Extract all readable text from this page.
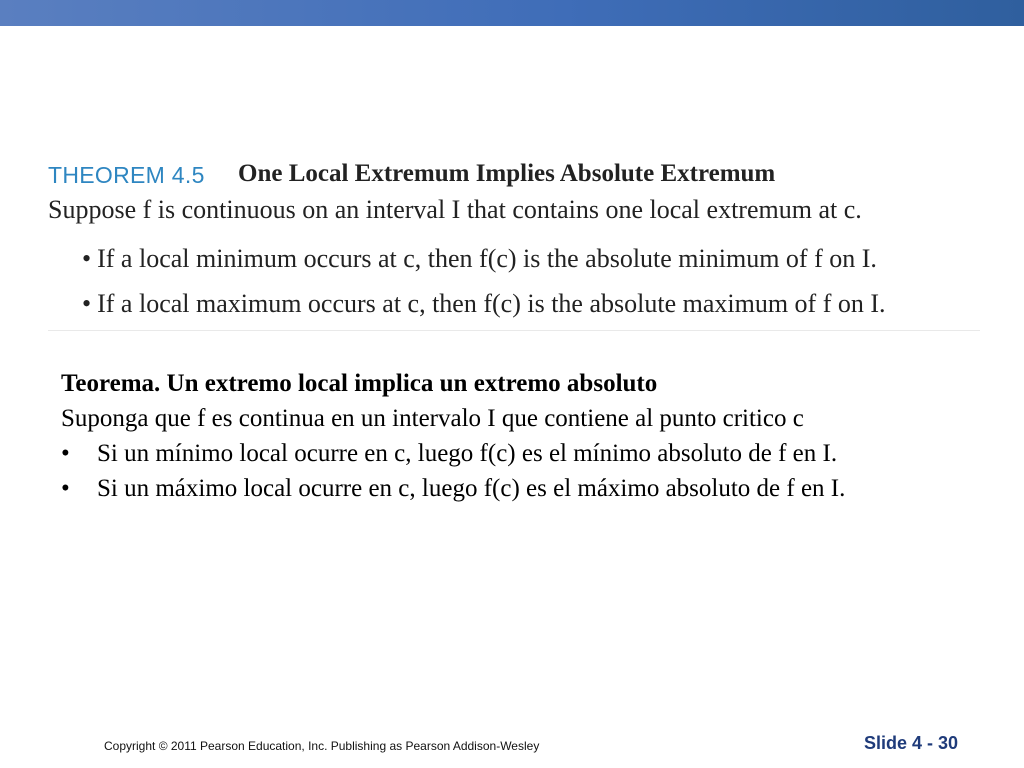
THEOREM 4.5 One Local Extremum Implies Absolute Extremum
Suppose f is continuous on an interval I that contains one local extremum at c.
• If a local minimum occurs at c, then f(c) is the absolute minimum of f on I.
• If a local maximum occurs at c, then f(c) is the absolute maximum of f on I.
Teorema. Un extremo local implica un extremo absoluto
Suponga que f es continua en un intervalo I que contiene al punto critico c
• Si un mínimo local ocurre en c, luego f(c) es el mínimo absoluto de f en I.
• Si un máximo local ocurre en c, luego f(c) es el máximo absoluto de f en I.
Copyright © 2011 Pearson Education, Inc. Publishing as Pearson Addison-Wesley	Slide 4 - 30
